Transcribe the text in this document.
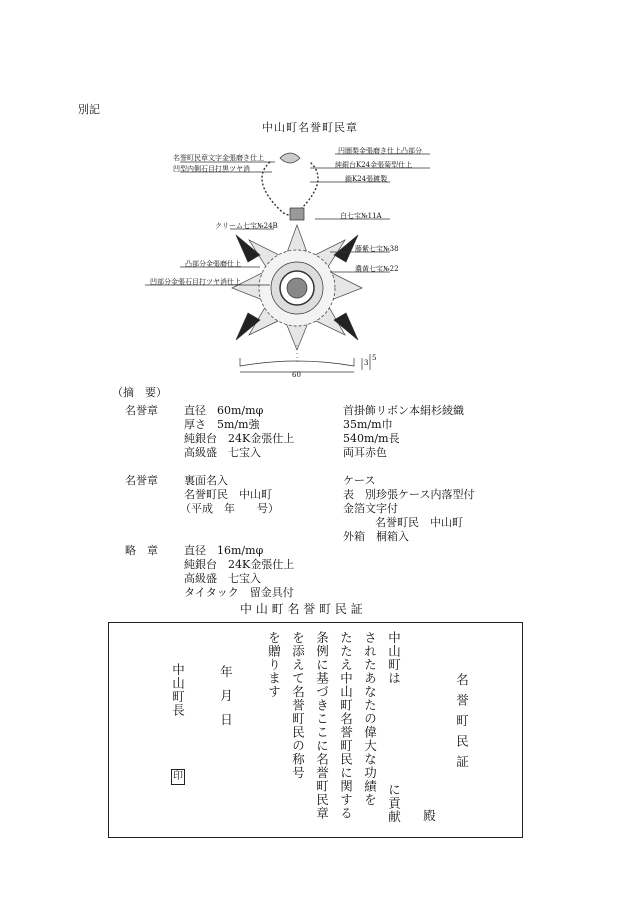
別記
中山町名誉町民章
名誉町民章文字金張磨き仕上
凹型内側石目打黒ツヤ消
クリーム七宝№24B
凸部分金張磨仕上
凹部分金張石目打ツヤ消仕上
円圏梨金張磨き仕上凸部分
純銀台K24金張菊型仕上
鎖K24張鍍製
白七宝№11A
藤紫七宝№38
濃黄七宝№22
60
3
5
（摘　要）
名誉章 直径　60m/mφ
厚さ　5m/m強
純銀台　24K金張仕上
高級盛　七宝入
首掛飾リボン本絹杉綾織
35m/m巾
540m/m長
両耳赤色
名誉章 裏面名入
名誉町民　中山町
（平成　年　　号）
ケース
表　別珍張ケース内落型付
金箔文字付
名誉町民　中山町
外箱　桐箱入
略　章 直径　16m/mφ
純銀台　24K金張仕上
高級盛　七宝入
タイタック　留金具付
中 山 町 名 誉 町 民 証
名誉町民証
殿
中山町は
に貢献
されたあなたの偉大な功績を
たたえ中山町名誉町民に関する
条例に基づきここに名誉町民章
を添えて名誉町民の称号
を贈ります
年
月
日
中山町長
印
